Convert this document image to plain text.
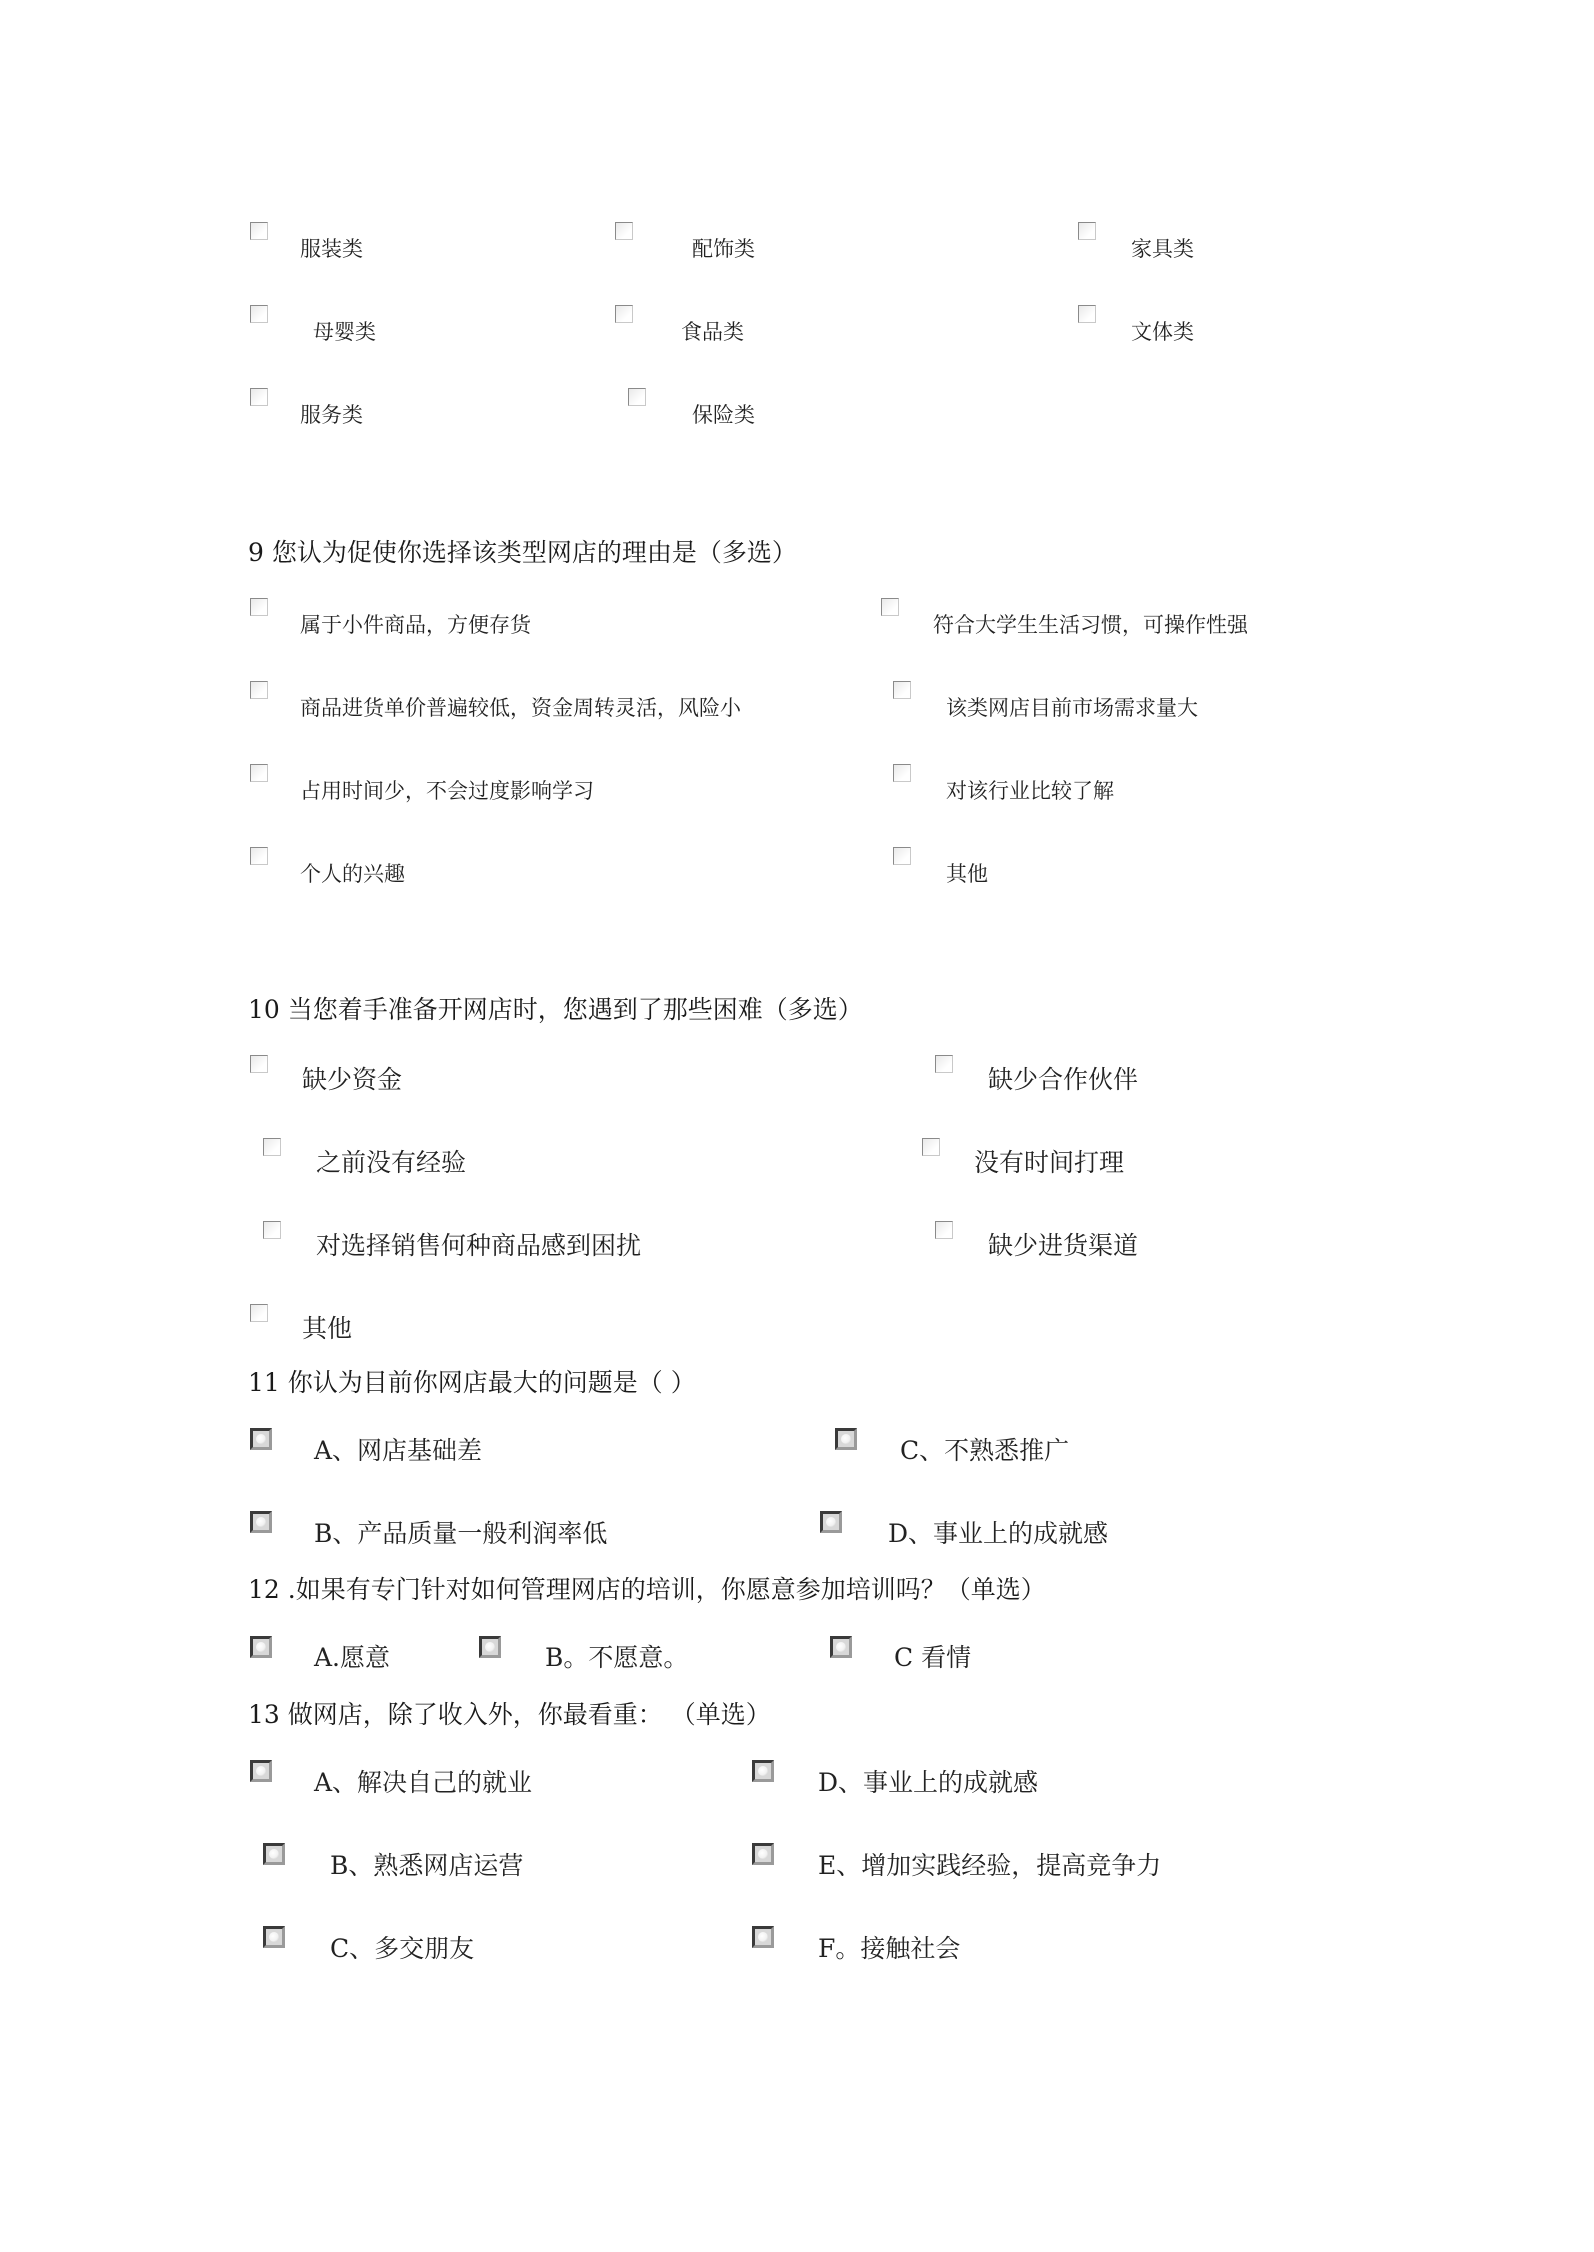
服装类	配饰类	家具类
母婴类	食品类	文体类
服务类	保险类
9 您认为促使你选择该类型网店的理由是（多选）
属于小件商品，方便存货	符合大学生生活习惯，可操作性强
商品进货单价普遍较低，资金周转灵活，风险小	该类网店目前市场需求量大
占用时间少，不会过度影响学习	对该行业比较了解
个人的兴趣	其他
10 当您着手准备开网店时，您遇到了那些困难（多选）
缺少资金	缺少合作伙伴
之前没有经验	没有时间打理
对选择销售何种商品感到困扰	缺少进货渠道
其他
11 你认为目前你网店最大的问题是（ ）
A、网店基础差	C、不熟悉推广
B、产品质量一般利润率低	D、事业上的成就感
12 .如果有专门针对如何管理网店的培训，你愿意参加培训吗？（单选）
A.愿意	B。不愿意。	C 看情
13 做网店，除了收入外，你最看重： （单选）
A、解决自己的就业	D、事业上的成就感
B、熟悉网店运营	E、增加实践经验，提高竞争力
C、多交朋友	F。接触社会
